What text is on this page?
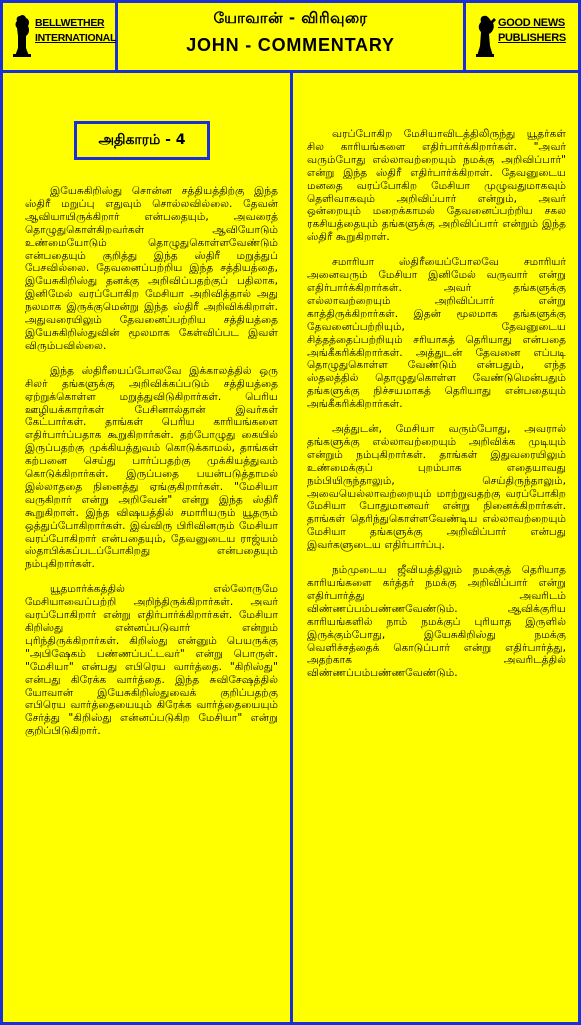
BELLWETHER
INTERNATIONAL
யோவான் - விரிவுரை
JOHN - COMMENTARY
GOOD NEWS
PUBLISHERS
அதிகாரம் - 4

இயேசுகிறிஸ்து சொன்ன சத்தியத்திற்கு இந்த ஸ்திரீ மறுப்பு எதுவும் சொல்லவில்லை. தேவன் ஆவியாயிருக்கிறார் என்பதையும், அவரைத் தொழுதுகொள்கிறவர்கள் ஆவியோடும் உண்மையோடும் தொழுதுகொள்ளவேண்டும் என்பதையும் குறித்து இந்த ஸ்திரீ மறுத்துப் பேசவில்லை. தேவனைப்பற்றிய இந்த சத்தியத்தை, இயேசுகிறிஸ்து தனக்கு அறிவிப்பதற்குப் பதிலாக, இனிமேல் வரப்போகிற மேசியா அறிவித்தால் அது நலமாக இருக்குமென்று இந்த ஸ்திரீ அறிவிக்கிறாள். அதுவரையிலும் தேவனைப்பற்றிய சத்தியத்தை இயேசுகிறிஸ்துவின் மூலமாக கேள்விப்பட இவள் விரும்பவில்லை.

இந்த ஸ்திரீயைப்போலவே இக்காலத்தில் ஒரு சிலர் தங்களுக்கு அறிவிக்கப்படும் சத்தியத்தை ஏற்றுக்கொள்ள மறுத்துவிடுகிறார்கள். பெரிய ஊழியக்காரர்கள் பேசினால்தான் இவர்கள் கேட்பார்கள். தாங்கள் பெரிய காரியங்களை எதிர்பார்ப்பதாக கூறுகிறார்கள். தற்போழுது கையில் இருப்பதற்கு முக்கியத்துவம் கொடுக்காமல், தாங்கள் கற்பனை செய்து பார்ப்பதற்கு முக்கியத்துவம் கொடுக்கிறார்கள். இருப்பதை பயன்படுத்தாமல் இல்லாததை நினைத்து ஏங்குகிறார்கள். "மேசியா வருகிறார் என்று அறிவேன்" என்று இந்த ஸ்திரீ கூறுகிறாள். இந்த விஷயத்தில் சமாரியரும் யூதரும் ஒத்துப்போகிறார்கள். இவ்விரு பிரிவினரும் மேசியா வரப்போகிறார் என்பதையும், தேவனுடைய ராஜ்யம் ஸ்தாபிக்கப்படப்போகிறது என்பதையும் நம்புகிறார்கள்.

யூதமார்க்கத்தில் எல்லோருமே மேசியாவைப்பற்றி அறிந்திருக்கிறார்கள். அவர் வரப்போகிறார் என்று எதிர்பார்க்கிறார்கள். மேசியா கிறிஸ்து என்னப்படுவார் என்றும் புரிந்திருக்கிறார்கள். கிறிஸ்து என்னும் பெயருக்கு "அபிஷேகம் பண்ணப்பட்டவர்" என்று பொருள். "மேசியா" என்பது எபிரெய வார்த்தை. "கிறிஸ்து" என்பது கிரேக்க வார்த்தை. இந்த சுவிசேஷத்தில் யோவான் இயேசுகிறிஸ்துவைக் குறிப்பதற்கு எபிரெய வார்த்தையையும் கிரேக்க வார்த்தையையும் சேர்த்து "கிறிஸ்து என்னப்படுகிற மேசியா" என்று குறிப்பிடுகிறார்.

வரப்போகிற மேசியாவிடத்திலிருந்து யூதர்கள் சில காரியங்களை எதிர்பார்க்கிறார்கள். "அவர் வரும்போது எல்லாவற்றையும் நமக்கு அறிவிப்பார்" என்று இந்த ஸ்திரீ எதிர்பார்க்கிறாள். தேவனுடைய மனதை வரப்போகிற மேசியா முழுவதுமாகவும் தெளிவாகவும் அறிவிப்பார் என்றும், அவர் ஒன்றையும் மறைக்காமல் தேவனைப்பற்றிய சகல ரகசியத்தையும் தங்களுக்கு அறிவிப்பார் என்றும் இந்த ஸ்திரீ கூறுகிறாள்.

சமாரியா ஸ்திரீயைப்போலவே சமாரியர் அனைவரும் மேசியா இனிமேல் வருவார் என்று எதிர்பார்க்கிறார்கள். அவர் தங்களுக்கு எல்லாவற்றையும் அறிவிப்பார் என்று காத்திருக்கிறார்கள். இதன் மூலமாக தங்களுக்கு தேவனைப்பற்றியும், தேவனுடைய சித்தத்தைப்பற்றியும் சரியாகத் தெரியாது என்பதை அங்கீகரிக்கிறார்கள். அத்துடன் தேவனை எப்படி தொழுதுகொள்ள வேண்டும் என்பதும், எந்த ஸ்தலத்தில் தொழுதுகொள்ள வேண்டுமென்பதும் தங்களுக்கு நிச்சயமாகத் தெரியாது என்பதையும் அங்கீகரிக்கிறார்கள்.

அத்துடன், மேசியா வரும்போது, அவரால் தங்களுக்கு எல்லாவற்றையும் அறிவிக்க முடியும் என்றும் நம்புகிறார்கள். தாங்கள் இதுவரையிலும் உண்மைக்குப் புறம்பாக எதையாவது நம்பியிருந்தாலும், செய்திருந்தாலும், அவையெல்லாவற்றையும் மாற்றுவதற்கு வரப்போகிற மேசியா போதுமானவர் என்று நினைக்கிறார்கள். தாங்கள் தெரிந்துகொள்ளவேண்டிய எல்லாவற்றையும் மேசியா தங்களுக்கு அறிவிப்பார் என்பது இவர்களுடைய எதிர்பார்ப்பு.

நம்முடைய ஜீவியத்திலும் நமக்குத் தெரியாத காரியங்களை கர்த்தர் நமக்கு அறிவிப்பார் என்று எதிர்பார்த்து அவரிடம் விண்ணப்பம்பண்ணவேண்டும். ஆவிக்குரிய காரியங்களில் நாம் நமக்குப் புரியாத இருளில் இருக்கும்போது, இயேசுகிறிஸ்து நமக்கு வெளிச்சத்தைக் கொடுப்பார் என்று எதிர்பார்த்து, அதற்காக அவரிடத்தில் விண்ணப்பம்பண்ணவேண்டும்.
